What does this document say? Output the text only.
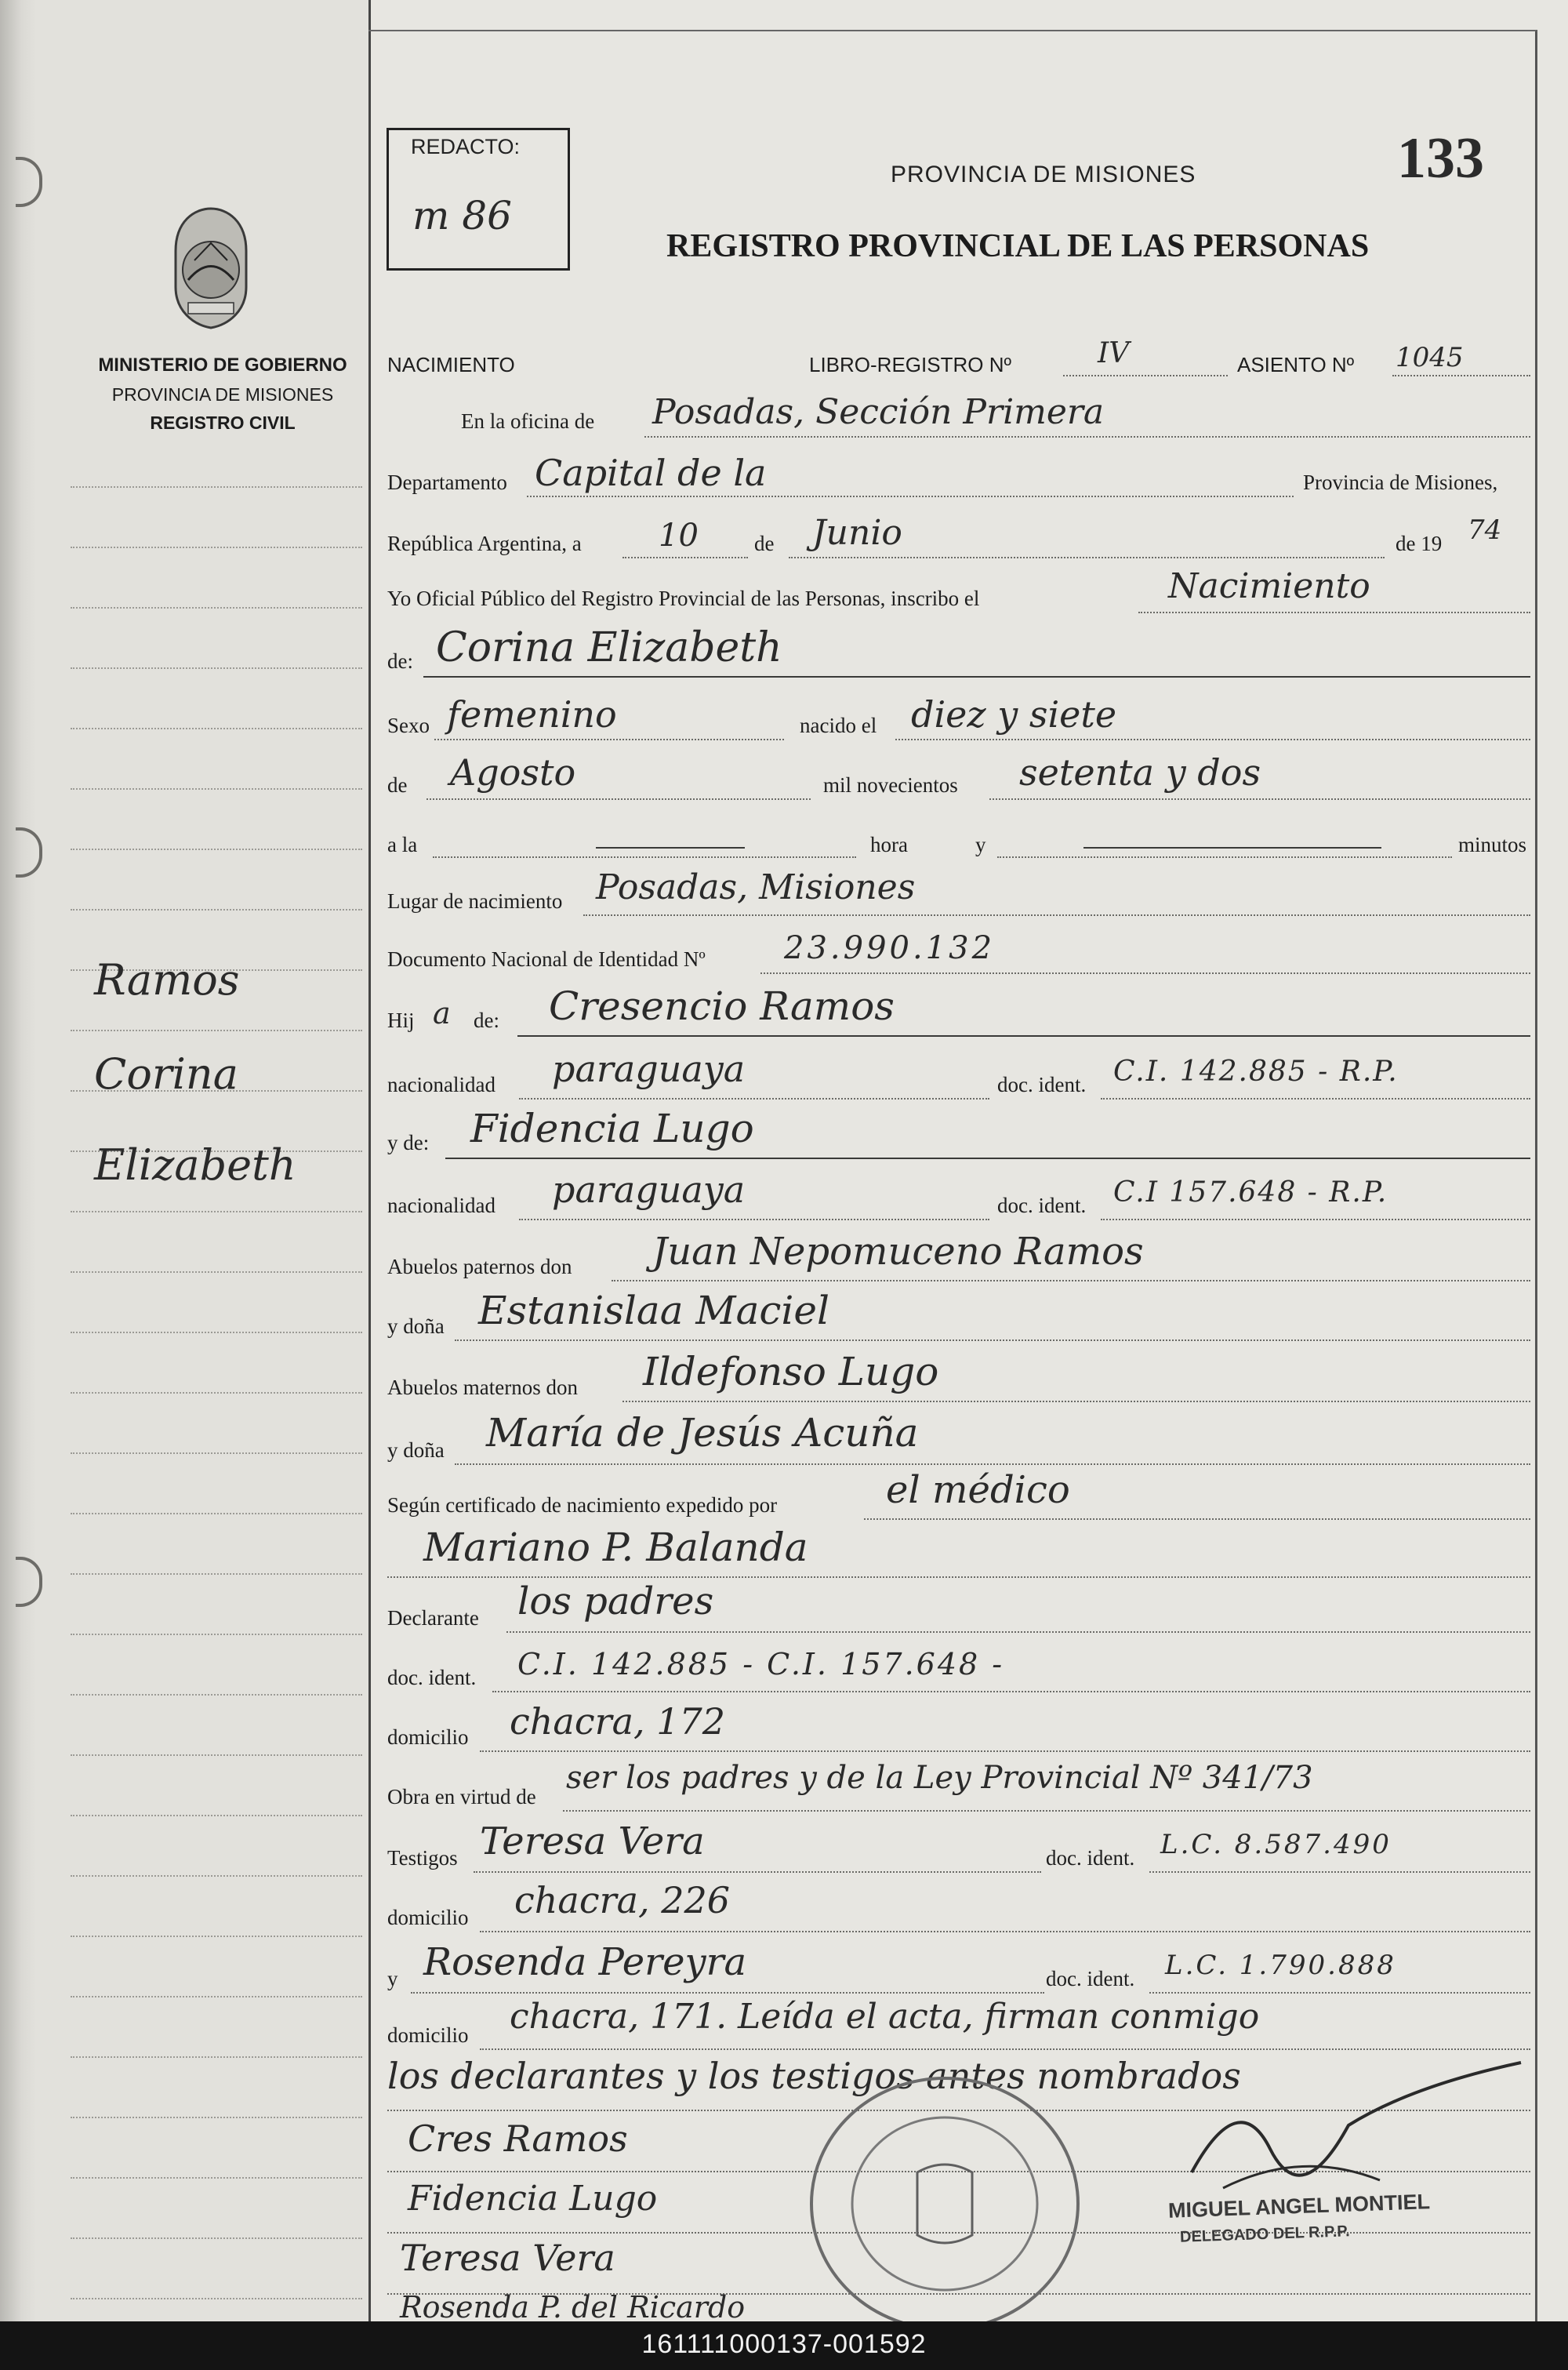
MINISTERIO DE GOBIERNO
PROVINCIA DE MISIONES
REGISTRO CIVIL
Ramos
Corina
Elizabeth
REDACTO:
m 86
PROVINCIA DE MISIONES
REGISTRO PROVINCIAL DE LAS PERSONAS
133
NACIMIENTO	LIBRO-REGISTRO Nº	IV	ASIENTO Nº 1045
En la oficina de Posadas, Sección Primera
Departamento Capital de la	Provincia de Misiones,
República Argentina, a 10	de Junio	de 19 74
Yo Oficial Público del Registro Provincial de las Personas, inscribo el	Nacimiento
de: Corina Elizabeth
Sexo femenino	nacido el diez y siete
de Agosto	mil novecientos setenta y dos
a la	hora	y	minutos
Lugar de nacimiento Posadas, Misiones
Documento Nacional de Identidad Nº	23.990.132
Hij a de: Cresencio Ramos
nacionalidad paraguaya	doc. ident. C.I. 142.885 - R.P.
y de: Fidencia Lugo
nacionalidad paraguaya	doc. ident. C.I 157.648 - R.P.
Abuelos paternos don Juan Nepomuceno Ramos
y doña Estanislaa Maciel
Abuelos maternos don Ildefonso Lugo
y doña María de Jesús Acuña
Según certificado de nacimiento expedido por	el médico
Mariano P. Balanda
Declarante los padres
doc. ident. C.I. 142.885 - C.I. 157.648 -
domicilio chacra, 172
Obra en virtud de
ser los padres y de la Ley Provincial Nº 341/73
Testigos Teresa Vera	doc. ident. L.C. 8.587.490
domicilio chacra, 226
y Rosenda Pereyra	doc. ident. L.C. 1.790.888
domicilio chacra, 171. Leída el acta, firman conmigo
los declarantes y los testigos antes nombrados
Cres Ramos
Fidencia Lugo
Teresa Vera
Rosenda P. del Ricardo
MIGUEL ANGEL MONTIEL
DELEGADO DEL R.P.P.
161111000137-001592
